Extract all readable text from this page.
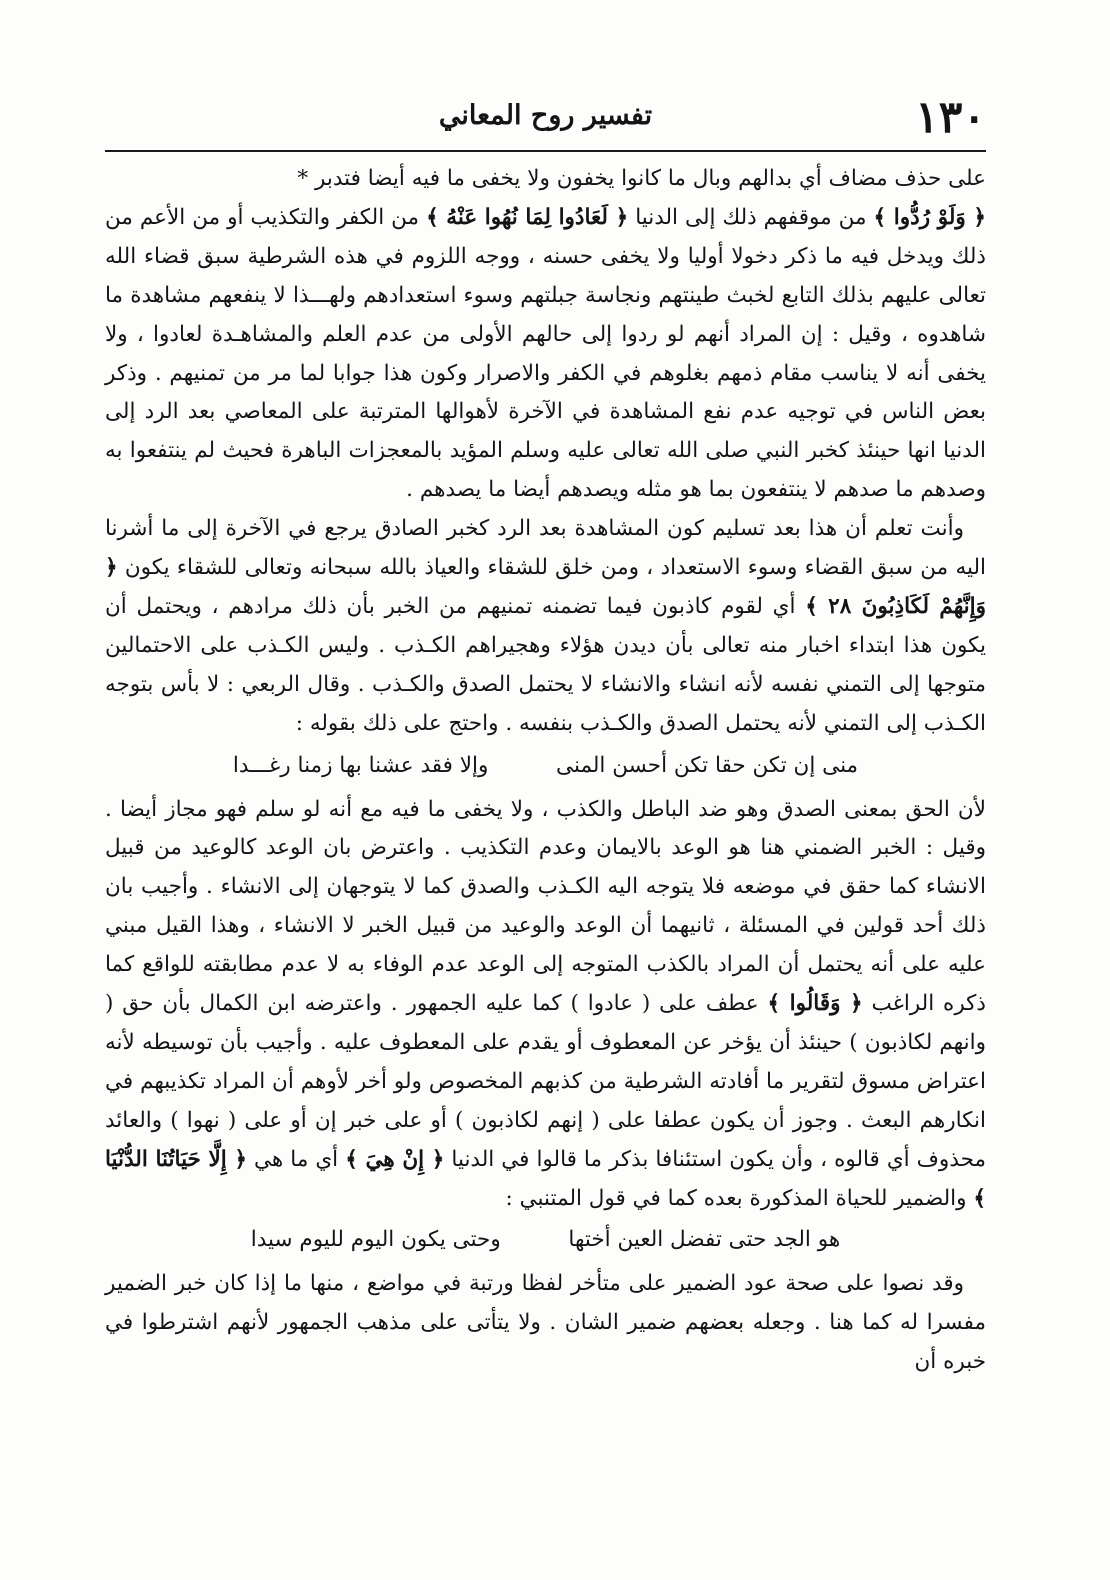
١٣٠
تفسير روح المعاني

على حذف مضاف أي بدالهم وبال ما كانوا يخفون ولا يخفى ما فيه أيضا فتدبر *

﴿ وَلَوْ رُدُّوا ﴾ من موقفهم ذلك إلى الدنيا ﴿ لَعَادُوا لِمَا نُهُوا عَنْهُ ﴾ من الكفر والتكذيب أو من الأعم من ذلك ويدخل فيه ما ذكر دخولا أوليا ولا يخفى حسنه ، ووجه اللزوم في هذه الشرطية سبق قضاء الله تعالى عليهم بذلك التابع لخبث طينتهم ونجاسة جبلتهم وسوء استعدادهم ولهـــذا لا ينفعهم مشاهدة ما شاهدوه ، وقيل : إن المراد أنهم لو ردوا إلى حالهم الأولى من عدم العلم والمشاهـدة لعادوا ، ولا يخفى أنه لا يناسب مقام ذمهم بغلوهم في الكفر والاصرار وكون هذا جوابا لما مر من تمنيهم . وذكر بعض الناس في توجيه عدم نفع المشاهدة في الآخرة لأهوالها المترتبة على المعاصي بعد الرد إلى الدنيا انها حينئذ كخبر النبي صلى الله تعالى عليه وسلم المؤيد بالمعجزات الباهرة فحيث لم ينتفعوا به وصدهم ما صدهم لا ينتفعون بما هو مثله ويصدهم أيضا ما يصدهم .

وأنت تعلم أن هذا بعد تسليم كون المشاهدة بعد الرد كخبر الصادق يرجع في الآخرة إلى ما أشرنا اليه من سبق القضاء وسوء الاستعداد ، ومن خلق للشقاء والعياذ بالله سبحانه وتعالى للشقاء يكون ﴿ وَإِنَّهُمْ لَكَاذِبُونَ ٢٨ ﴾ أي لقوم كاذبون فيما تضمنه تمنيهم من الخبر بأن ذلك مرادهم ، ويحتمل أن يكون هذا ابتداء اخبار منه تعالى بأن ديدن هؤلاء وهجيراهم الكـذب . وليس الكـذب على الاحتمالين متوجها إلى التمني نفسه لأنه انشاء والانشاء لا يحتمل الصدق والكـذب . وقال الربعي : لا بأس بتوجه الكـذب إلى التمني لأنه يحتمل الصدق والكـذب بنفسه . واحتج على ذلك بقوله :

منى إن تكن حقا تكن أحسن المنى  وإلا فقد عشنا بها زمنا رغـــدا

لأن الحق بمعنى الصدق وهو ضد الباطل والكذب ، ولا يخفى ما فيه مع أنه لو سلم فهو مجاز أيضا . وقيل : الخبر الضمني هنا هو الوعد بالايمان وعدم التكذيب . واعترض بان الوعد كالوعيد من قبيل الانشاء كما حقق في موضعه فلا يتوجه اليه الكـذب والصدق كما لا يتوجهان إلى الانشاء . وأجيب بان ذلك أحد قولين في المسئلة ، ثانيهما أن الوعد والوعيد من قبيل الخبر لا الانشاء ، وهذا القيل مبني عليه على أنه يحتمل أن المراد بالكذب المتوجه إلى الوعد عدم الوفاء به لا عدم مطابقته للواقع كما ذكره الراغب ﴿ وَقَالُوا ﴾ عطف على ( عادوا ) كما عليه الجمهور . واعترضه ابن الكمال بأن حق ( وانهم لكاذبون ) حينئذ أن يؤخر عن المعطوف أو يقدم على المعطوف عليه . وأجيب بأن توسيطه لأنه اعتراض مسوق لتقرير ما أفادته الشرطية من كذبهم المخصوص ولو أخر لأوهم أن المراد تكذيبهم في انكارهم البعث . وجوز أن يكون عطفا على ( إنهم لكاذبون ) أو على خبر إن أو على ( نهوا ) والعائد محذوف أي قالوه ، وأن يكون استئنافا بذكر ما قالوا في الدنيا ﴿ إِنْ هِيَ ﴾ أي ما هي ﴿ إِلَّا حَيَاتُنَا الدُّنْيَا ﴾ والضمير للحياة المذكورة بعده كما في قول المتنبي :

هو الجد حتى تفضل العين أختها  وحتى يكون اليوم لليوم سيدا

وقد نصوا على صحة عود الضمير على متأخر لفظا ورتبة في مواضع ، منها ما إذا كان خبر الضمير مفسرا له كما هنا . وجعله بعضهم ضمير الشان . ولا يتأتى على مذهب الجمهور لأنهم اشترطوا في خبره أن
